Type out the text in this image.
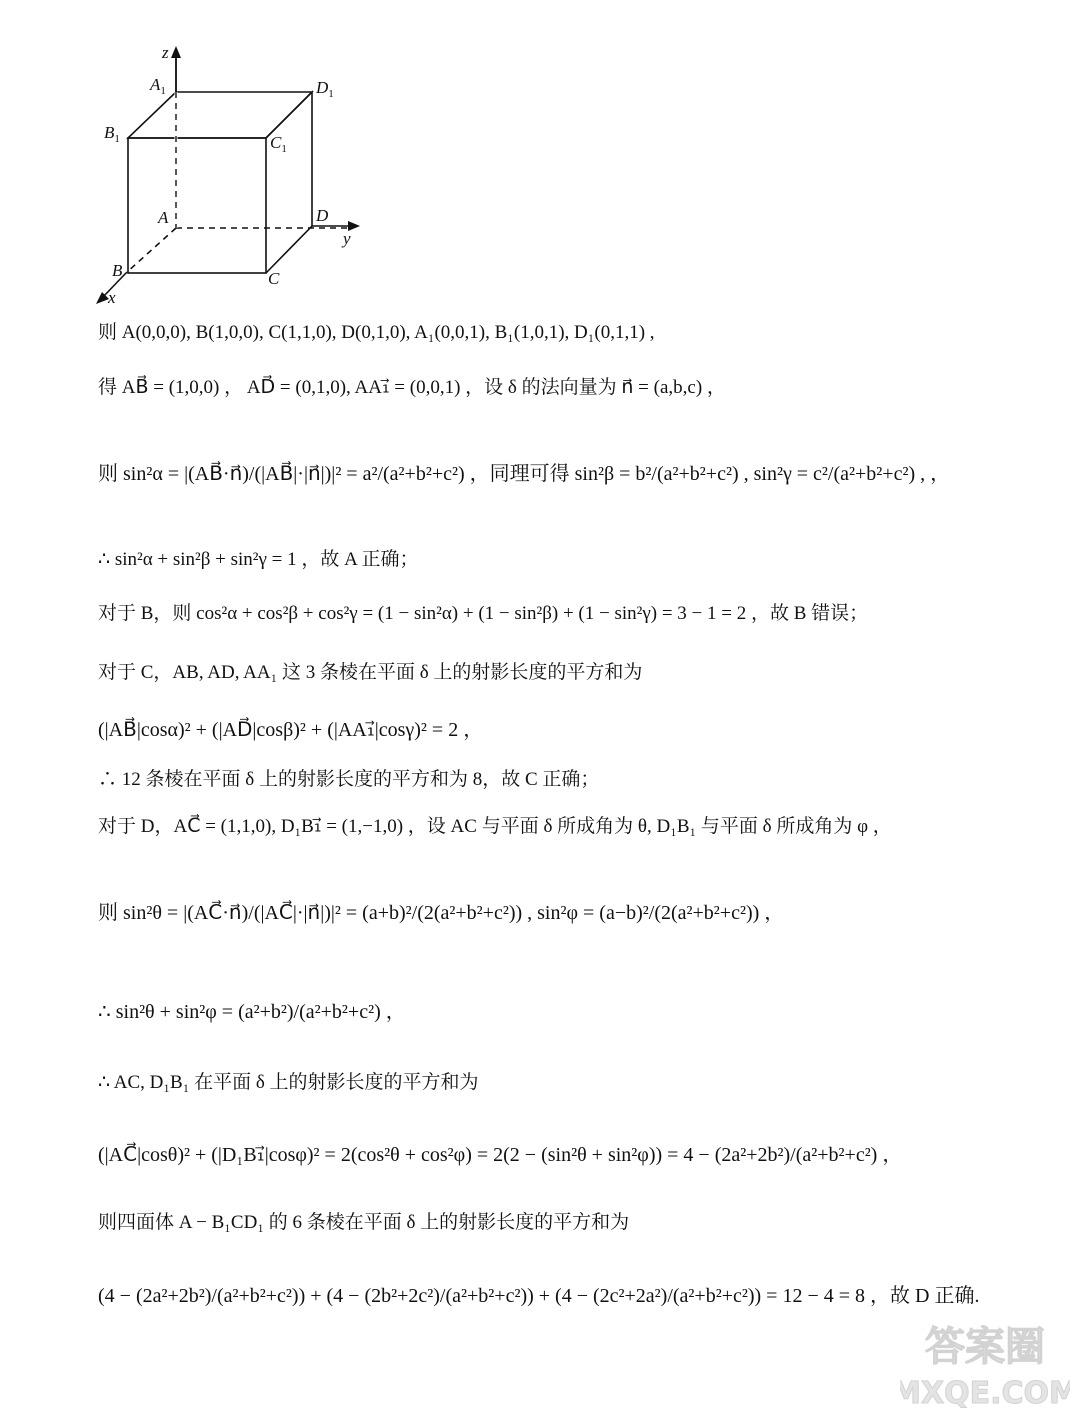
z
y
x
$A_1$	$D_1$
$B_1$	$C_1$
A	D
B	C
则 A(0,0,0), B(1,0,0), C(1,1,0), D(0,1,0), A₁(0,0,1), B₁(1,0,1), D₁(0,1,1) ,
得 AB⃗ = (1,0,0) ， AD⃗ = (0,1,0), AA₁⃗ = (0,0,1) ，设 δ 的法向量为 n⃗ = (a,b,c) ，
则 sin²α = |(AB⃗·n⃗)/(|AB⃗|·|n⃗|)|² = a²/(a²+b²+c²) ，同理可得 sin²β = b²/(a²+b²+c²) , sin²γ = c²/(a²+b²+c²) , ，
∴ sin²α + sin²β + sin²γ = 1 ，故 A 正确；
对于 B，则 cos²α + cos²β + cos²γ = (1 − sin²α) + (1 − sin²β) + (1 − sin²γ) = 3 − 1 = 2 ，故 B 错误；
对于 C，AB, AD, AA₁ 这 3 条棱在平面 δ 上的射影长度的平方和为
(|AB⃗|cosα)² + (|AD⃗|cosβ)² + (|AA₁⃗|cosγ)² = 2 ，
∴ 12 条棱在平面 δ 上的射影长度的平方和为 8，故 C 正确；
对于 D，AC⃗ = (1,1,0), D₁B₁⃗ = (1,−1,0) ，设 AC 与平面 δ 所成角为 θ, D₁B₁ 与平面 δ 所成角为 φ ，
则 sin²θ = |(AC⃗·n⃗)/(|AC⃗|·|n⃗|)|² = (a+b)²/(2(a²+b²+c²)) , sin²φ = (a−b)²/(2(a²+b²+c²)) ，
∴ sin²θ + sin²φ = (a²+b²)/(a²+b²+c²) ，
∴ AC, D₁B₁ 在平面 δ 上的射影长度的平方和为
(|AC⃗|cosθ)² + (|D₁B₁⃗|cosφ)² = 2(cos²θ + cos²φ) = 2(2 − (sin²θ + sin²φ)) = 4 − (2a²+2b²)/(a²+b²+c²) ，
则四面体 A − B₁CD₁ 的 6 条棱在平面 δ 上的射影长度的平方和为
(4 − (2a²+2b²)/(a²+b²+c²)) + (4 − (2b²+2c²)/(a²+b²+c²)) + (4 − (2c²+2a²)/(a²+b²+c²)) = 12 − 4 = 8 ，故 D 正确.
答案圈
MXQE.COM
